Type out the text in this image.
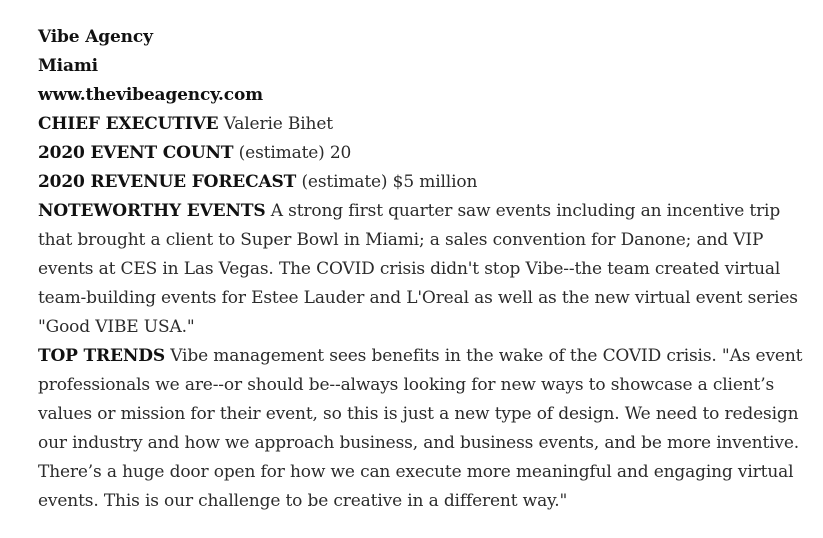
Vibe Agency

Miami

www.thevibeagency.com

CHIEF EXECUTIVE Valerie Bihet

2020 EVENT COUNT (estimate) 20

2020 REVENUE FORECAST (estimate) $5 million

NOTEWORTHY EVENTS A strong first quarter saw events including an incentive trip that brought a client to Super Bowl in Miami; a sales convention for Danone; and VIP events at CES in Las Vegas. The COVID crisis didn't stop Vibe--the team created virtual team-building events for Estee Lauder and L'Oreal as well as the new virtual event series "Good VIBE USA."

TOP TRENDS Vibe management sees benefits in the wake of the COVID crisis. "As event professionals we are--or should be--always looking for new ways to showcase a client’s values or mission for their event, so this is just a new type of design. We need to redesign our industry and how we approach business, and business events, and be more inventive. There’s a huge door open for how we can execute more meaningful and engaging virtual events. This is our challenge to be creative in a different way."
